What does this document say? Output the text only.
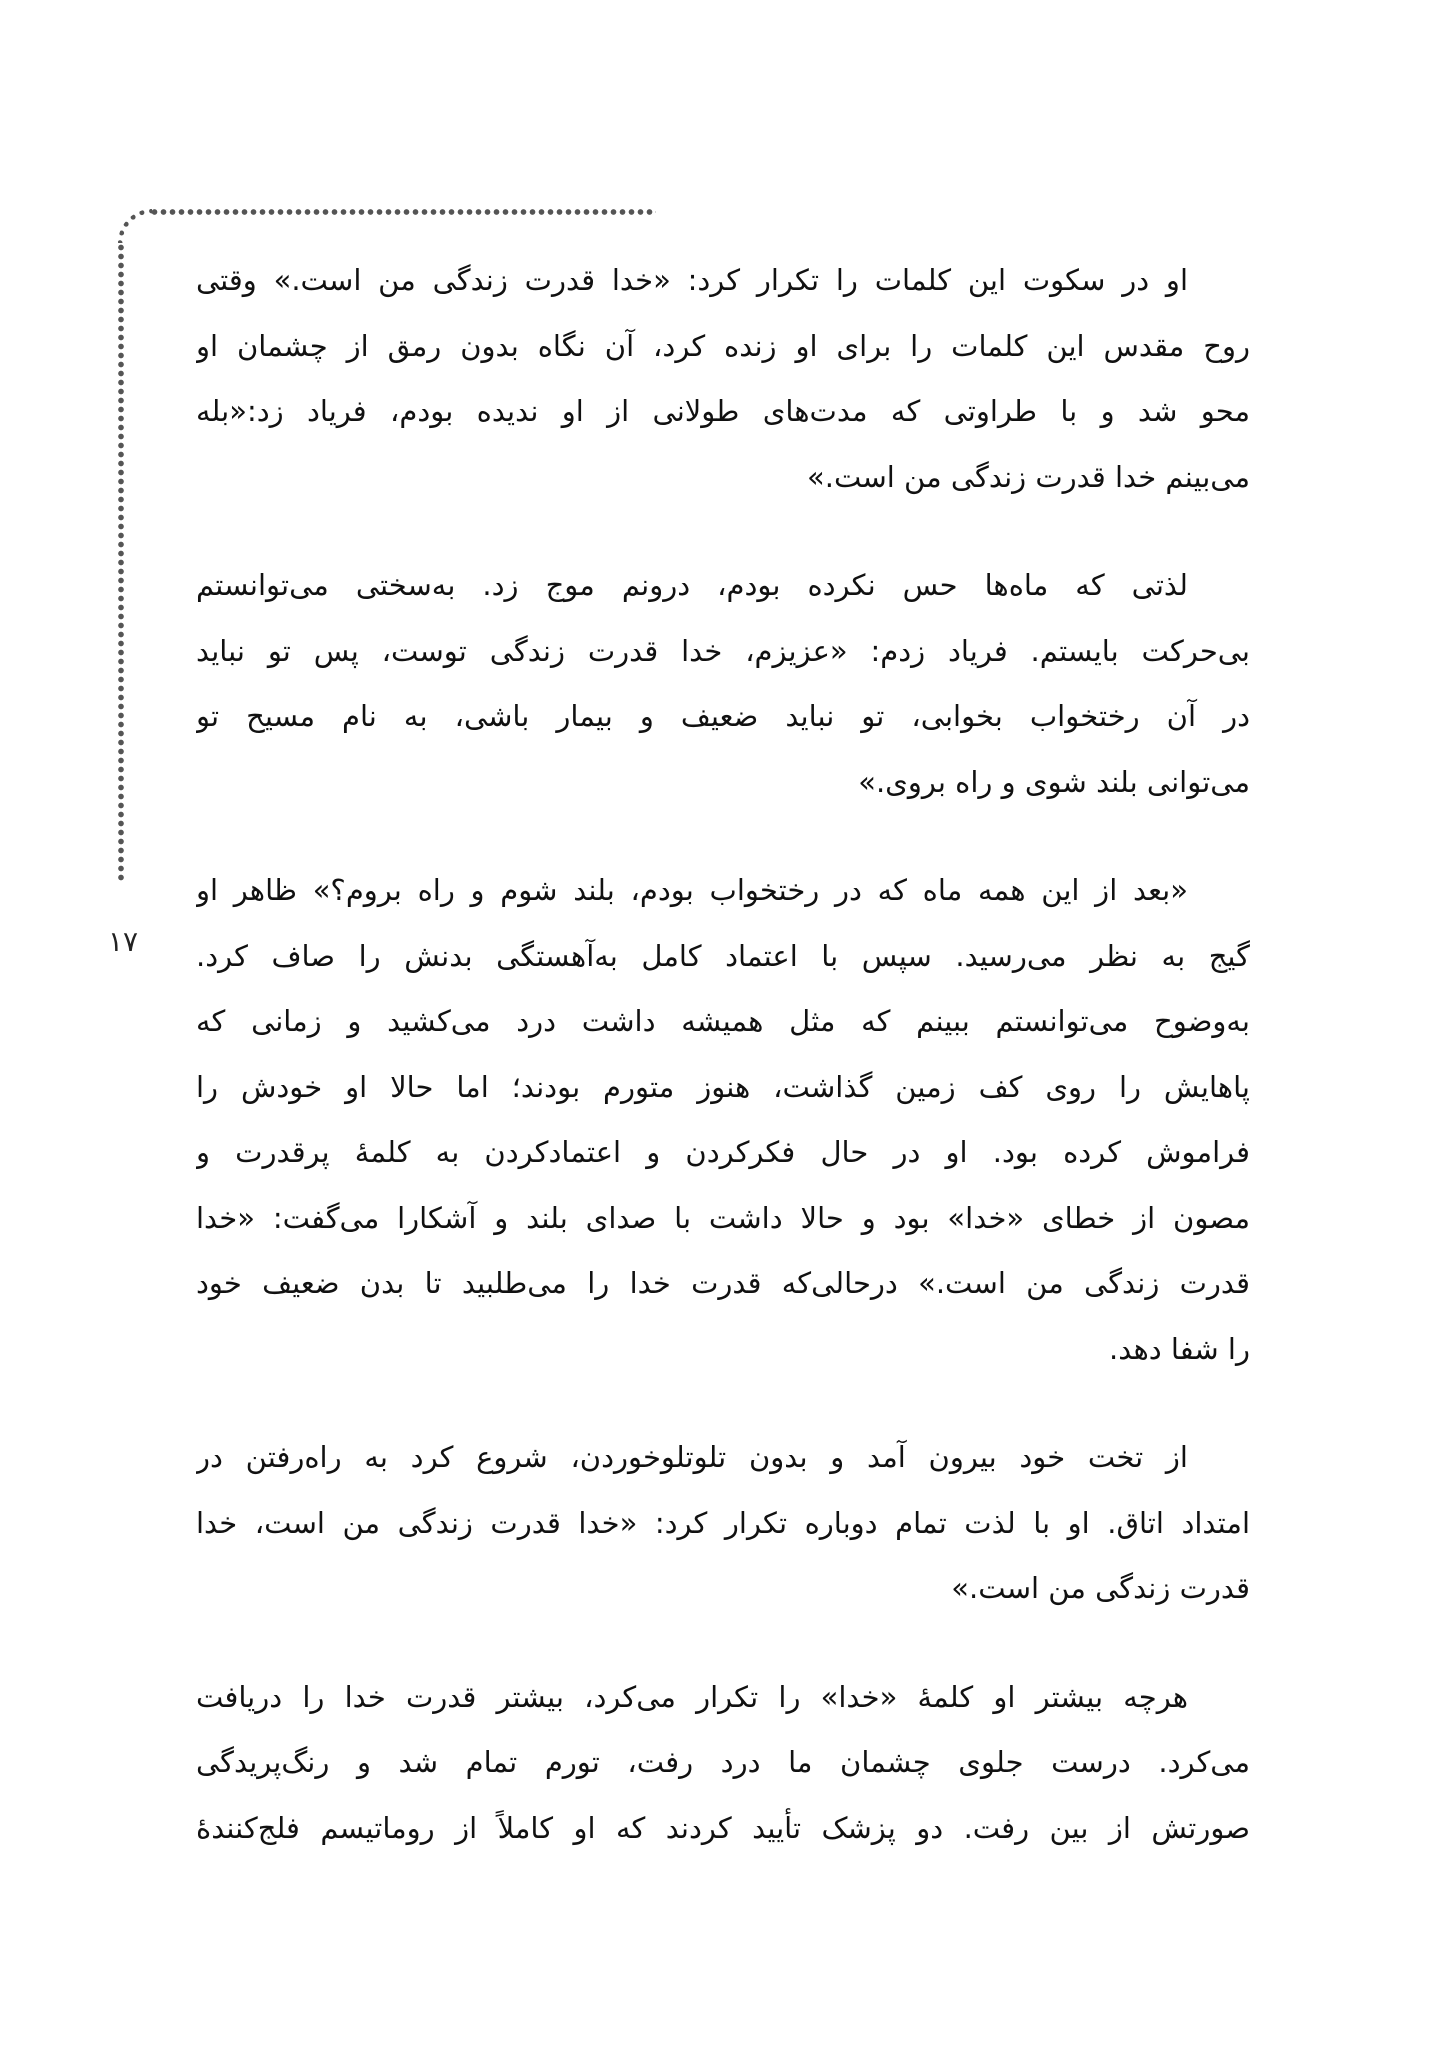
۱۷
او در سکوت این کلمات را تکرار کرد: «خدا قدرت زندگی من است.» وقتی
روح مقدس این کلمات را برای او زنده کرد، آن نگاه بدون رمق از چشمان او
محو شد و با طراوتی که مدت‌های طولانی از او ندیده بودم، فریاد زد:«بله
می‌بینم خدا قدرت زندگی من است.»
لذتی که ماه‌ها حس نکرده بودم، درونم موج زد. به‌سختی می‌توانستم
بی‌حرکت بایستم. فریاد زدم: «عزیزم، خدا قدرت زندگی توست، پس تو نباید
در آن رختخواب بخوابی، تو نباید ضعیف و بیمار باشی، به نام مسیح تو
می‌توانی بلند شوی و راه بروی.»
«بعد از این همه ماه که در رختخواب بودم، بلند شوم و راه بروم؟» ظاهر او
گیج به نظر می‌رسید. سپس با اعتماد کامل به‌آهستگی بدنش را صاف کرد.
به‌وضوح می‌توانستم ببینم که مثل همیشه داشت درد می‌کشید و زمانی که
پاهایش را روی کف زمین گذاشت، هنوز متورم بودند؛ اما حالا او خودش را
فراموش کرده بود. او در حال فکرکردن و اعتمادکردن به کلمۀ پرقدرت و
مصون از خطای «خدا» بود و حالا داشت با صدای بلند و آشکارا می‌گفت: «خدا
قدرت زندگی من است.» درحالی‌که قدرت خدا را می‌طلبید تا بدن ضعیف خود
را شفا دهد.
از تخت خود بیرون آمد و بدون تلوتلوخوردن، شروع کرد به راه‌رفتن در
امتداد اتاق. او با لذت تمام دوباره تکرار کرد: «خدا قدرت زندگی من است، خدا
قدرت زندگی من است.»
هرچه بیشتر او کلمۀ «خدا» را تکرار می‌کرد، بیشتر قدرت خدا را دریافت
می‌کرد. درست جلوی چشمان ما درد رفت، تورم تمام شد و رنگ‌پریدگی
صورتش از بین رفت. دو پزشک تأیید کردند که او کاملاً از روماتیسم فلج‌کنندۀ
